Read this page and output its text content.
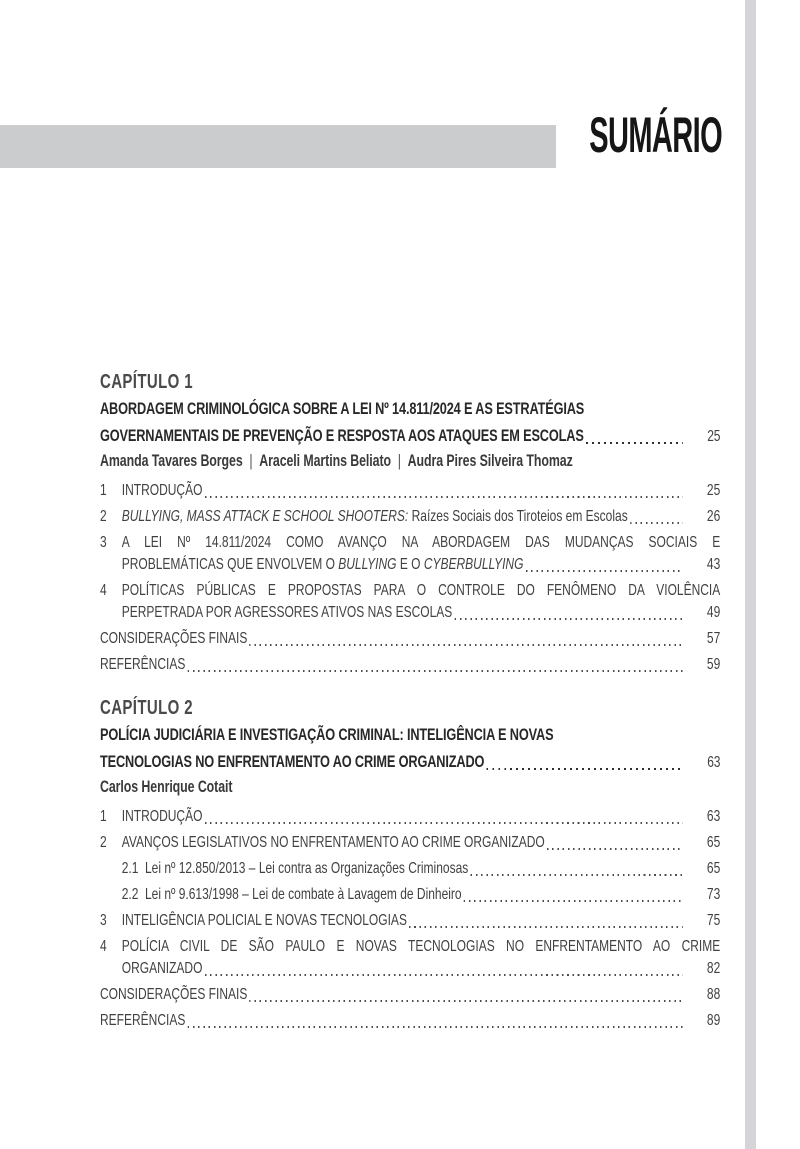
SUMÁRIO
CAPÍTULO 1
ABORDAGEM CRIMINOLÓGICA SOBRE A LEI Nº 14.811/2024 E AS ESTRATÉGIAS
GOVERNAMENTAIS DE PREVENÇÃO E RESPOSTA AOS ATAQUES EM ESCOLAS	25
Amanda Tavares Borges | Araceli Martins Beliato | Audra Pires Silveira Thomaz
1 INTRODUÇÃO	25
2 BULLYING, MASS ATTACK E SCHOOL SHOOTERS: Raízes Sociais dos Tiroteios em Escolas	26
3 A LEI Nº 14.811/2024 COMO AVANÇO NA ABORDAGEM DAS MUDANÇAS SOCIAIS E
PROBLEMÁTICAS QUE ENVOLVEM O BULLYING E O CYBERBULLYING	43
4 POLÍTICAS PÚBLICAS E PROPOSTAS PARA O CONTROLE DO FENÔMENO DA VIOLÊNCIA
PERPETRADA POR AGRESSORES ATIVOS NAS ESCOLAS	49
CONSIDERAÇÕES FINAIS	57
REFERÊNCIAS	59
CAPÍTULO 2
POLÍCIA JUDICIÁRIA E INVESTIGAÇÃO CRIMINAL: INTELIGÊNCIA E NOVAS
TECNOLOGIAS NO ENFRENTAMENTO AO CRIME ORGANIZADO	63
Carlos Henrique Cotait
1 INTRODUÇÃO	63
2 AVANÇOS LEGISLATIVOS NO ENFRENTAMENTO AO CRIME ORGANIZADO	65
2.1 Lei nº 12.850/2013 – Lei contra as Organizações Criminosas	65
2.2 Lei nº 9.613/1998 – Lei de combate à Lavagem de Dinheiro	73
3 INTELIGÊNCIA POLICIAL E NOVAS TECNOLOGIAS	75
4 POLÍCIA CIVIL DE SÃO PAULO E NOVAS TECNOLOGIAS NO ENFRENTAMENTO AO CRIME
ORGANIZADO	82
CONSIDERAÇÕES FINAIS	88
REFERÊNCIAS	89
